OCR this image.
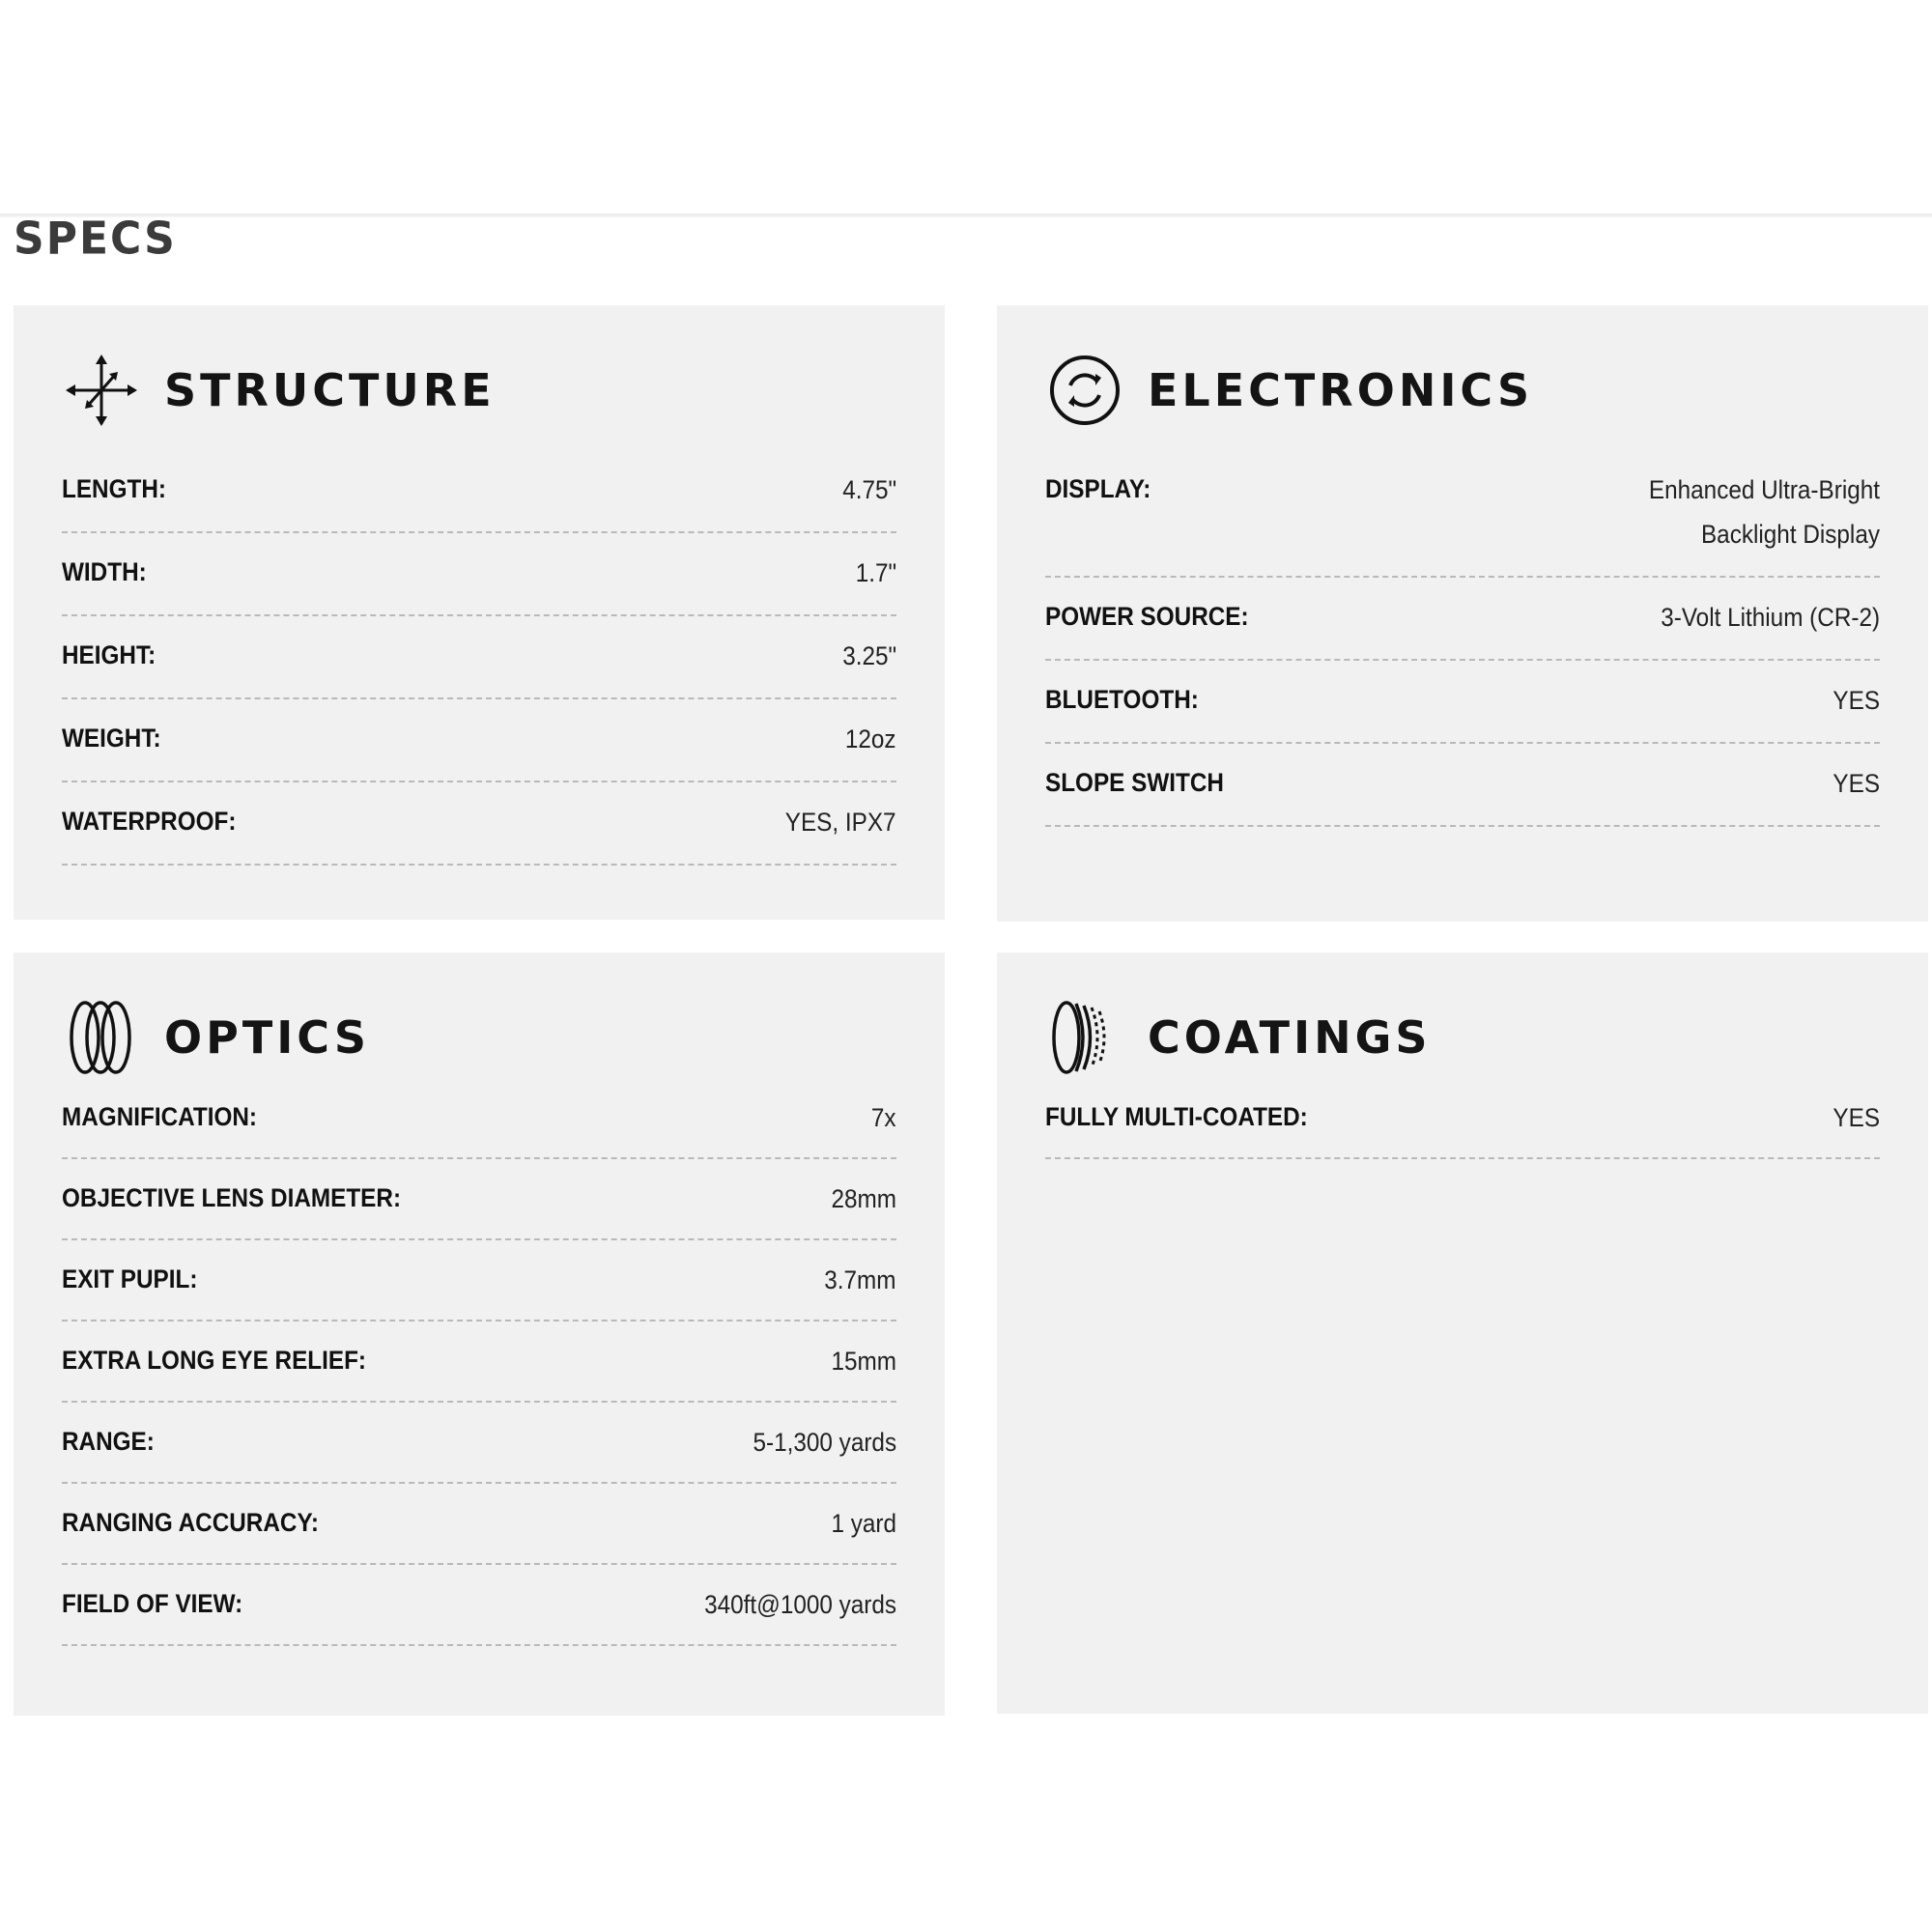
SPECS
STRUCTURE
LENGTH:	4.75"
WIDTH:	1.7"
HEIGHT:	3.25"
WEIGHT:	12oz
WATERPROOF:	YES, IPX7
ELECTRONICS
DISPLAY:	Enhanced Ultra-Bright Backlight Display
POWER SOURCE:	3-Volt Lithium (CR-2)
BLUETOOTH:	YES
SLOPE SWITCH	YES
OPTICS
MAGNIFICATION:	7x
OBJECTIVE LENS DIAMETER:	28mm
EXIT PUPIL:	3.7mm
EXTRA LONG EYE RELIEF:	15mm
RANGE:	5-1,300 yards
RANGING ACCURACY:	1 yard
FIELD OF VIEW:	340ft@1000 yards
COATINGS
FULLY MULTI-COATED:	YES
